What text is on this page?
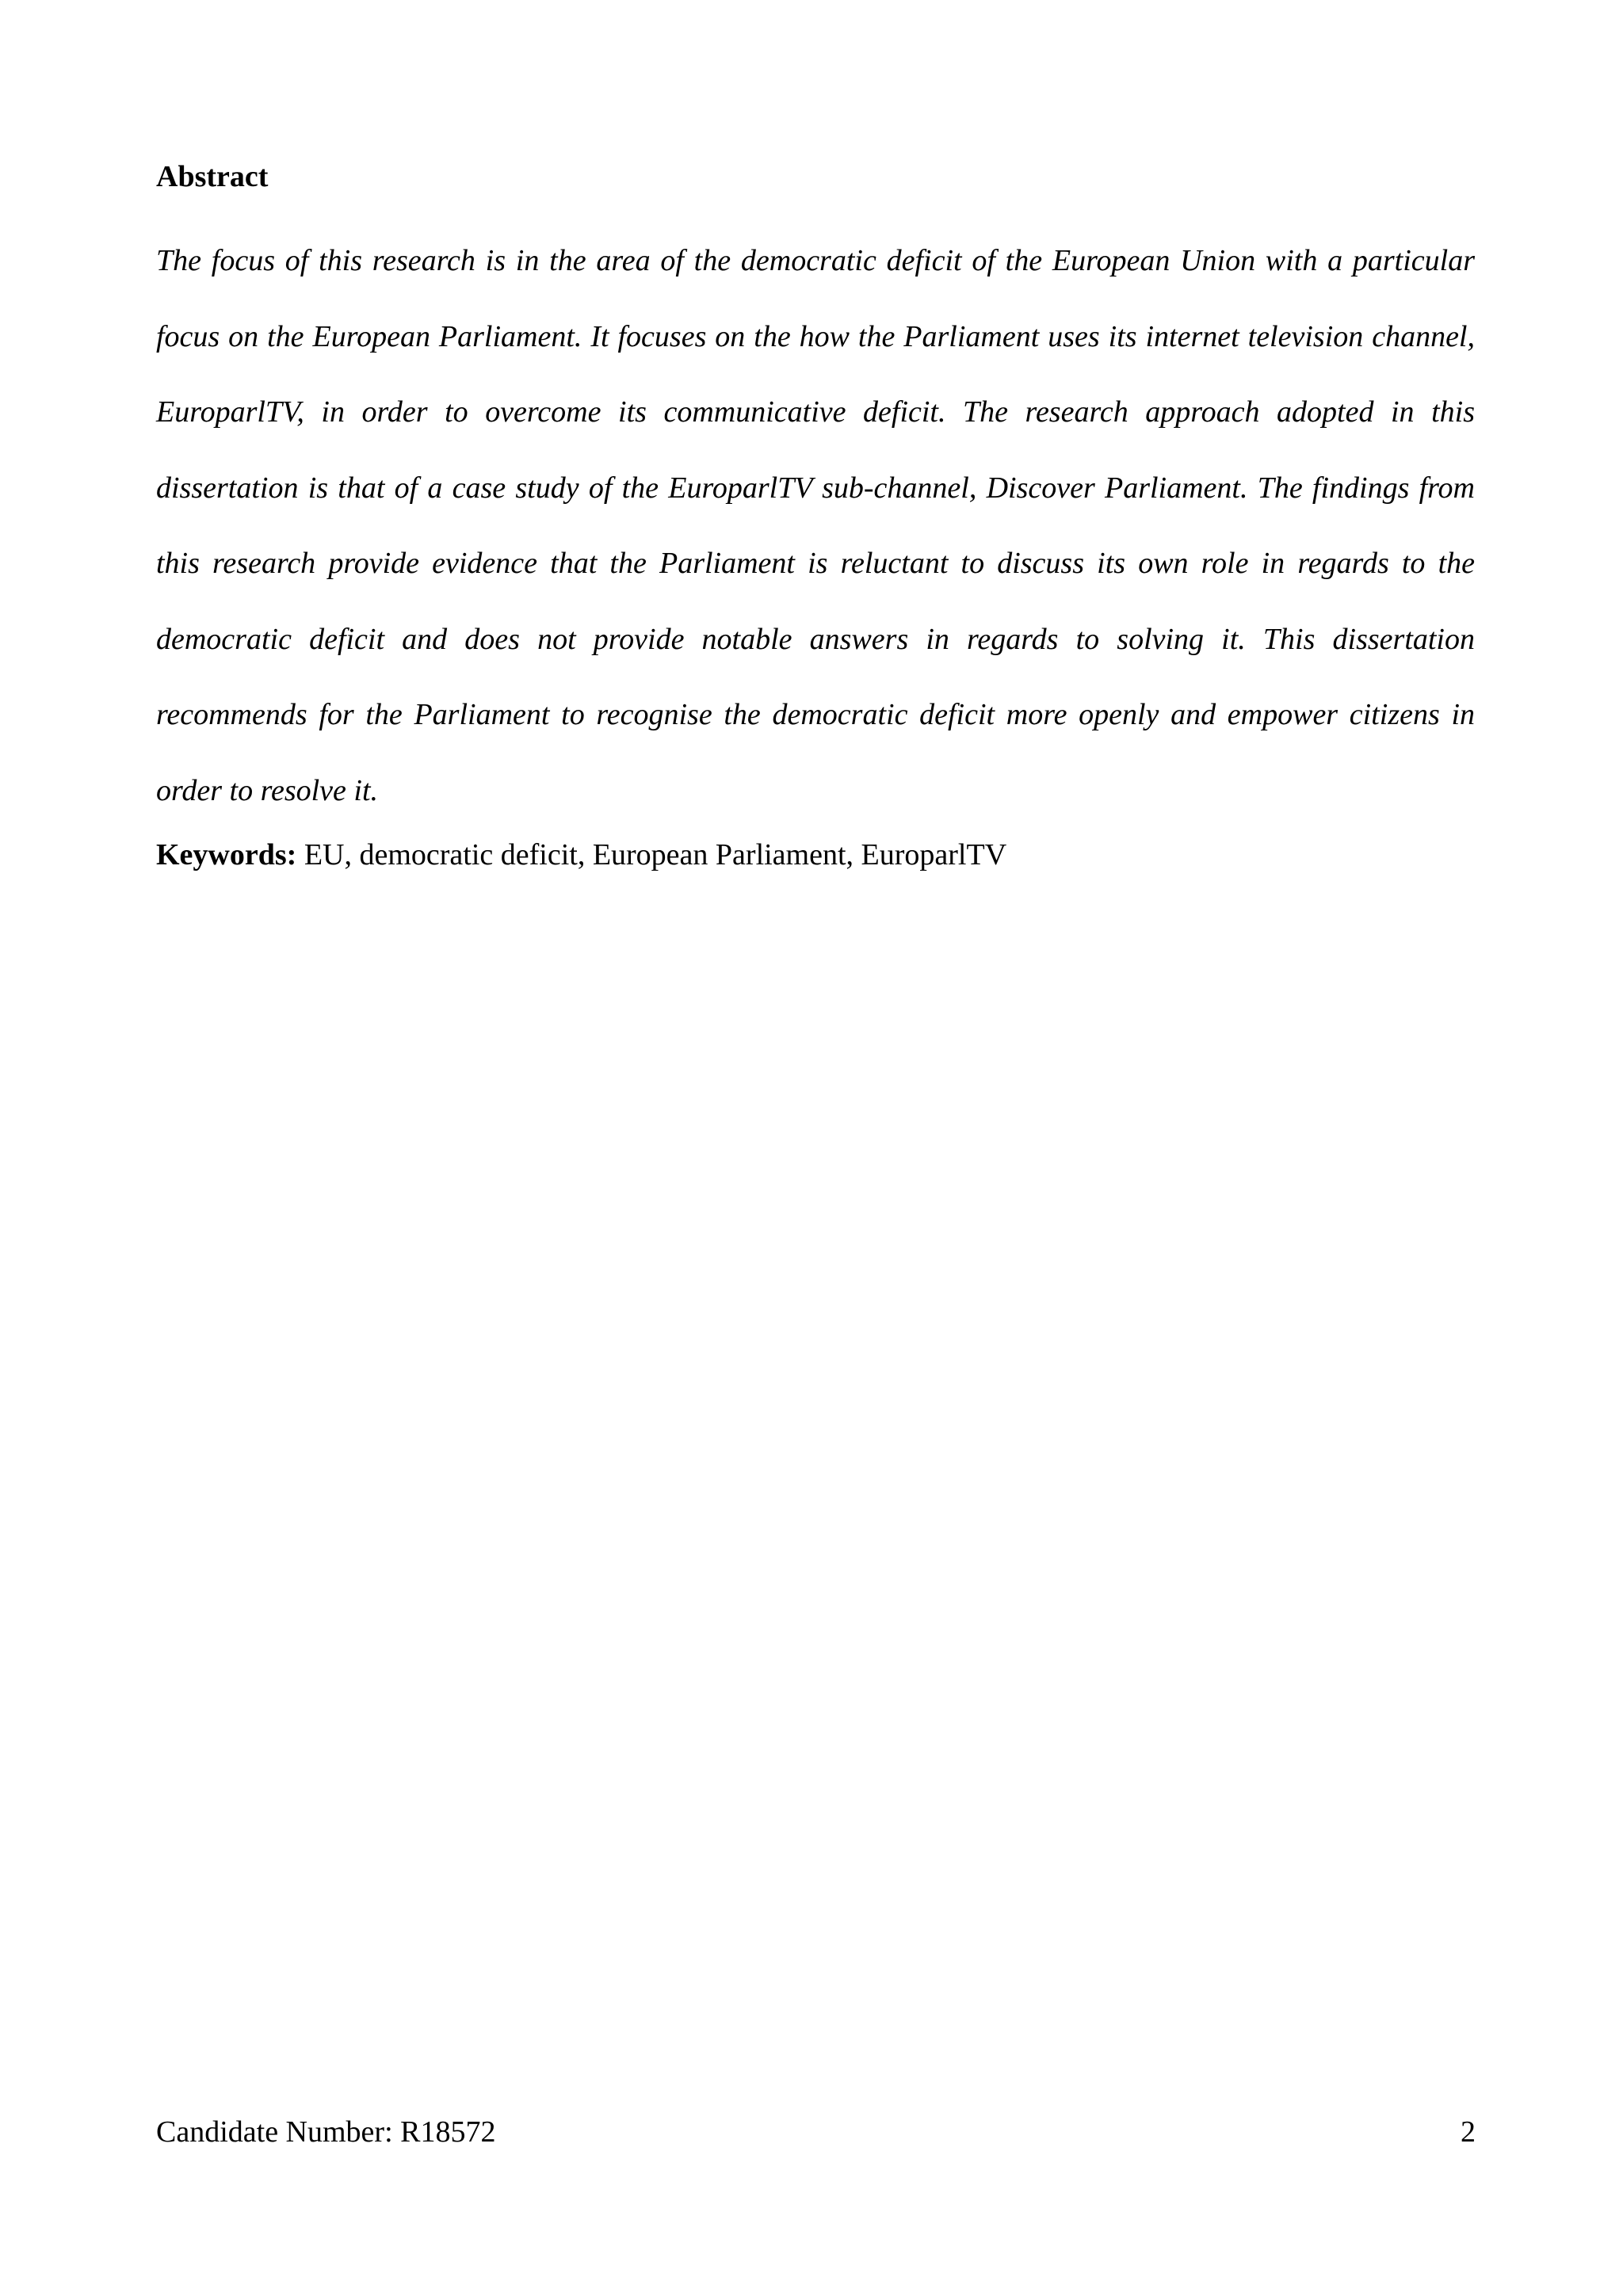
Abstract

The focus of this research is in the area of the democratic deficit of the European Union with a particular focus on the European Parliament. It focuses on the how the Parliament uses its internet television channel, EuroparlTV, in order to overcome its communicative deficit. The research approach adopted in this dissertation is that of a case study of the EuroparlTV sub-channel, Discover Parliament. The findings from this research provide evidence that the Parliament is reluctant to discuss its own role in regards to the democratic deficit and does not provide notable answers in regards to solving it. This dissertation recommends for the Parliament to recognise the democratic deficit more openly and empower citizens in order to resolve it.

Keywords: EU, democratic deficit, European Parliament, EuroparlTV

Candidate Number: R18572	2
